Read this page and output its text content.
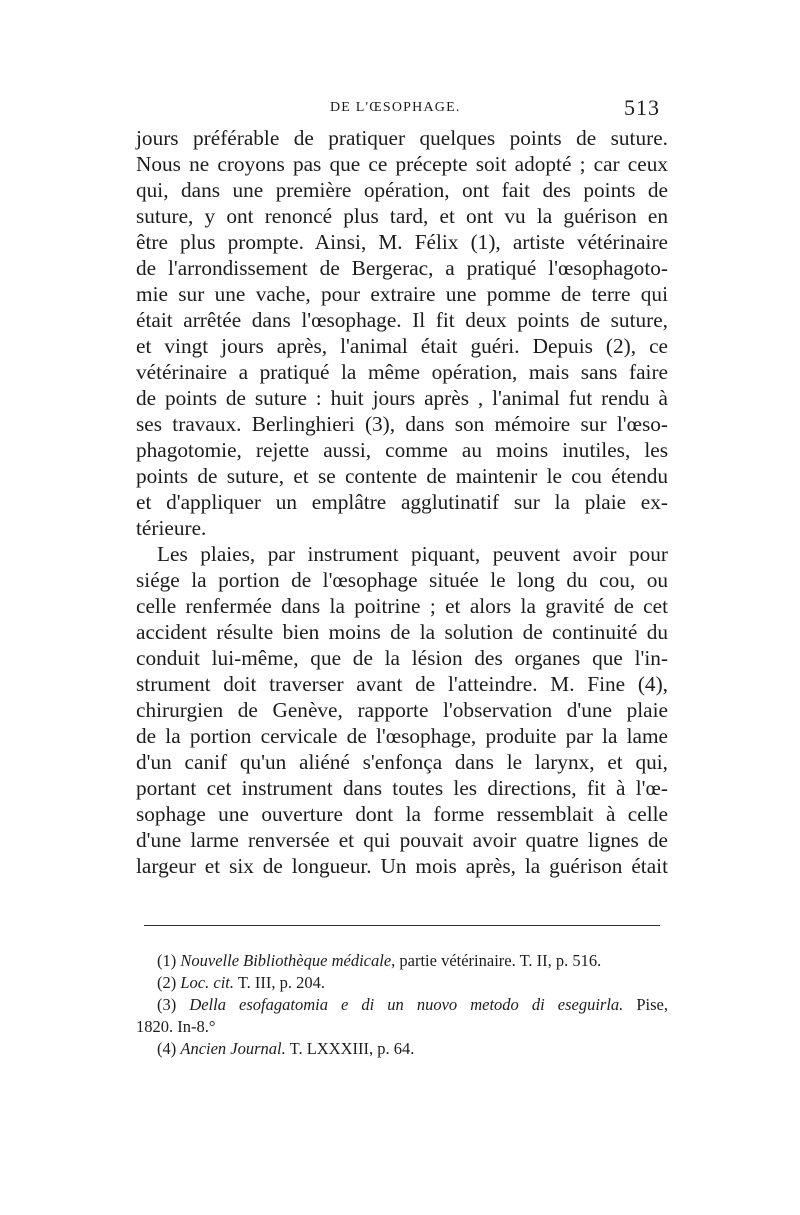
DE L'ŒSOPHAGE.	513
jours préférable de pratiquer quelques points de suture.
Nous ne croyons pas que ce précepte soit adopté ; car ceux
qui, dans une première opération, ont fait des points de
suture, y ont renoncé plus tard, et ont vu la guérison en
être plus prompte. Ainsi, M. Félix (1), artiste vétérinaire
de l'arrondissement de Bergerac, a pratiqué l'œsophagoto-
mie sur une vache, pour extraire une pomme de terre qui
était arrêtée dans l'œsophage. Il fit deux points de suture,
et vingt jours après, l'animal était guéri. Depuis (2), ce
vétérinaire a pratiqué la même opération, mais sans faire
de points de suture : huit jours après , l'animal fut rendu à
ses travaux. Berlinghieri (3), dans son mémoire sur l'œso-
phagotomie, rejette aussi, comme au moins inutiles, les
points de suture, et se contente de maintenir le cou étendu
et d'appliquer un emplâtre agglutinatif sur la plaie ex-
térieure.
Les plaies, par instrument piquant, peuvent avoir pour
siége la portion de l'œsophage située le long du cou, ou
celle renfermée dans la poitrine ; et alors la gravité de cet
accident résulte bien moins de la solution de continuité du
conduit lui-même, que de la lésion des organes que l'in-
strument doit traverser avant de l'atteindre. M. Fine (4),
chirurgien de Genève, rapporte l'observation d'une plaie
de la portion cervicale de l'œsophage, produite par la lame
d'un canif qu'un aliéné s'enfonça dans le larynx, et qui,
portant cet instrument dans toutes les directions, fit à l'œ-
sophage une ouverture dont la forme ressemblait à celle
d'une larme renversée et qui pouvait avoir quatre lignes de
largeur et six de longueur. Un mois après, la guérison était
(1) Nouvelle Bibliothèque médicale, partie vétérinaire. T. II, p. 516.
(2) Loc. cit. T. III, p. 204.
(3) Della esofagatomia e di un nuovo metodo di eseguirla. Pise,
1820. In-8.°
(4) Ancien Journal. T. LXXXIII, p. 64.
